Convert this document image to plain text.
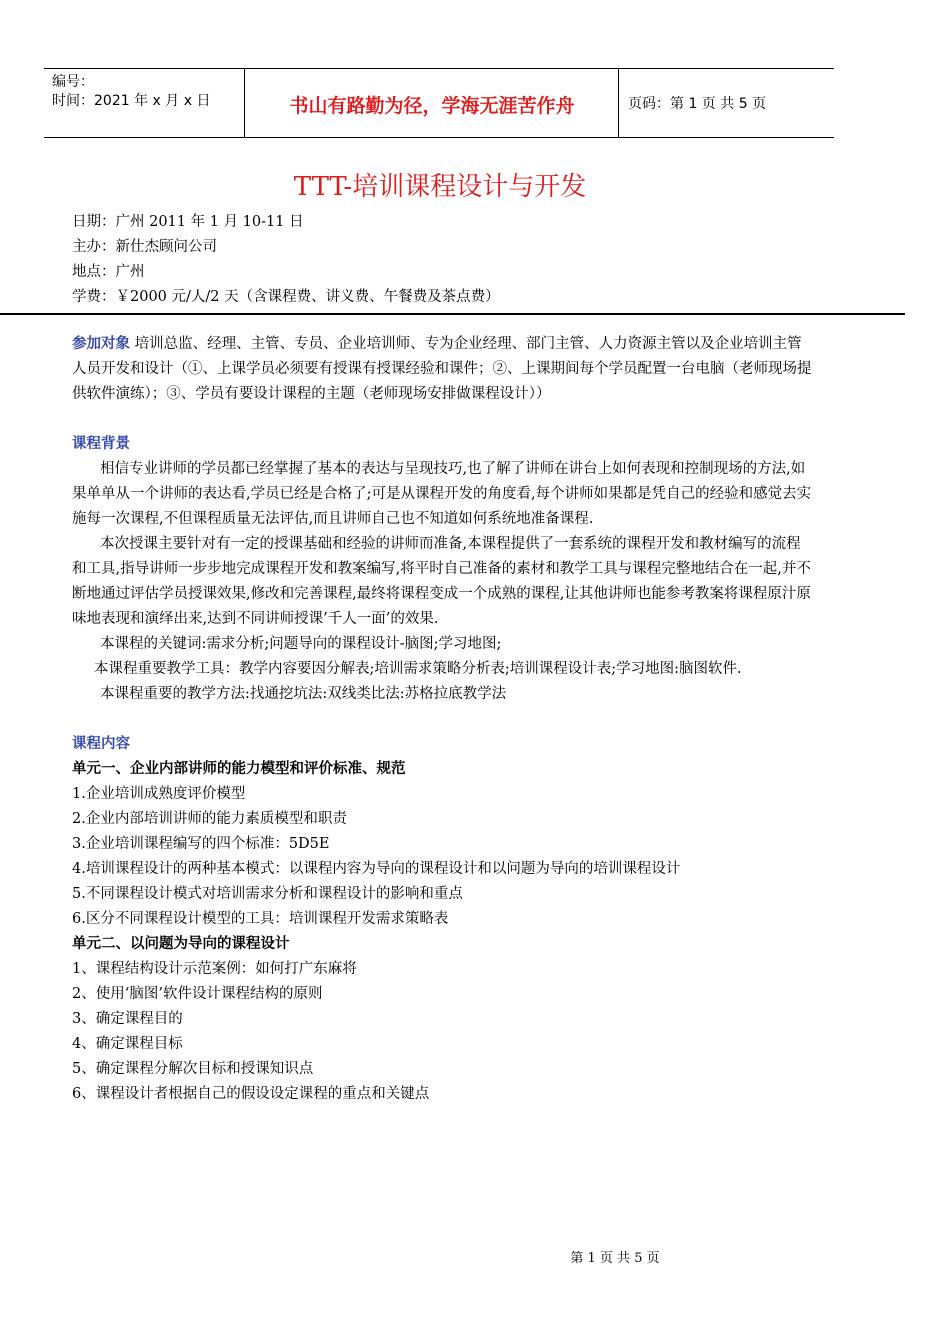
编号：
时间：2021 年 x 月 x 日	书山有路勤为径，学海无涯苦作舟	页码：第 1 页 共 5 页
TTT-培训课程设计与开发
日期：广州 2011 年 1 月 10-11 日
主办：新仕杰顾问公司
地点：广州
学费：￥2000 元/人/2 天（含课程费、讲义费、午餐费及茶点费）

参加对象 培训总监、经理、主管、专员、企业培训师、专为企业经理、部门主管、人力资源主管以及企业培训主管人员开发和设计（①、上课学员必须要有授课有授课经验和课件；②、上课期间每个学员配置一台电脑（老师现场提供软件演练）；③、学员有要设计课程的主题（老师现场安排做课程设计））

课程背景

相信专业讲师的学员都已经掌握了基本的表达与呈现技巧,也了解了讲师在讲台上如何表现和控制现场的方法,如果单单从一个讲师的表达看,学员已经是合格了;可是从课程开发的角度看,每个讲师如果都是凭自己的经验和感觉去实施每一次课程,不但课程质量无法评估,而且讲师自己也不知道如何系统地准备课程.

本次授课主要针对有一定的授课基础和经验的讲师而准备,本课程提供了一套系统的课程开发和教材编写的流程和工具,指导讲师一步步地完成课程开发和教案编写,将平时自己准备的素材和教学工具与课程完整地结合在一起,并不断地通过评估学员授课效果,修改和完善课程,最终将课程变成一个成熟的课程,让其他讲师也能参考教案将课程原汁原味地表现和演绎出来,达到不同讲师授课’千人一面’的效果.

本课程的关键词:需求分析;问题导向的课程设计-脑图;学习地图;

本课程重要教学工具：教学内容要因分解表;培训需求策略分析表;培训课程设计表;学习地图:脑图软件.

本课程重要的教学方法:找通挖坑法:双线类比法:苏格拉底教学法

课程内容
单元一、企业内部讲师的能力模型和评价标准、规范
1.企业培训成熟度评价模型
2.企业内部培训讲师的能力素质模型和职责
3.企业培训课程编写的四个标准：5D5E
4.培训课程设计的两种基本模式：以课程内容为导向的课程设计和以问题为导向的培训课程设计
5.不同课程设计模式对培训需求分析和课程设计的影响和重点
6.区分不同课程设计模型的工具：培训课程开发需求策略表
单元二、以问题为导向的课程设计
1、课程结构设计示范案例：如何打广东麻将
2、使用‘脑图’软件设计课程结构的原则
3、确定课程目的
4、确定课程目标
5、确定课程分解次目标和授课知识点
6、课程设计者根据自己的假设设定课程的重点和关键点
第 1 页 共 5 页
